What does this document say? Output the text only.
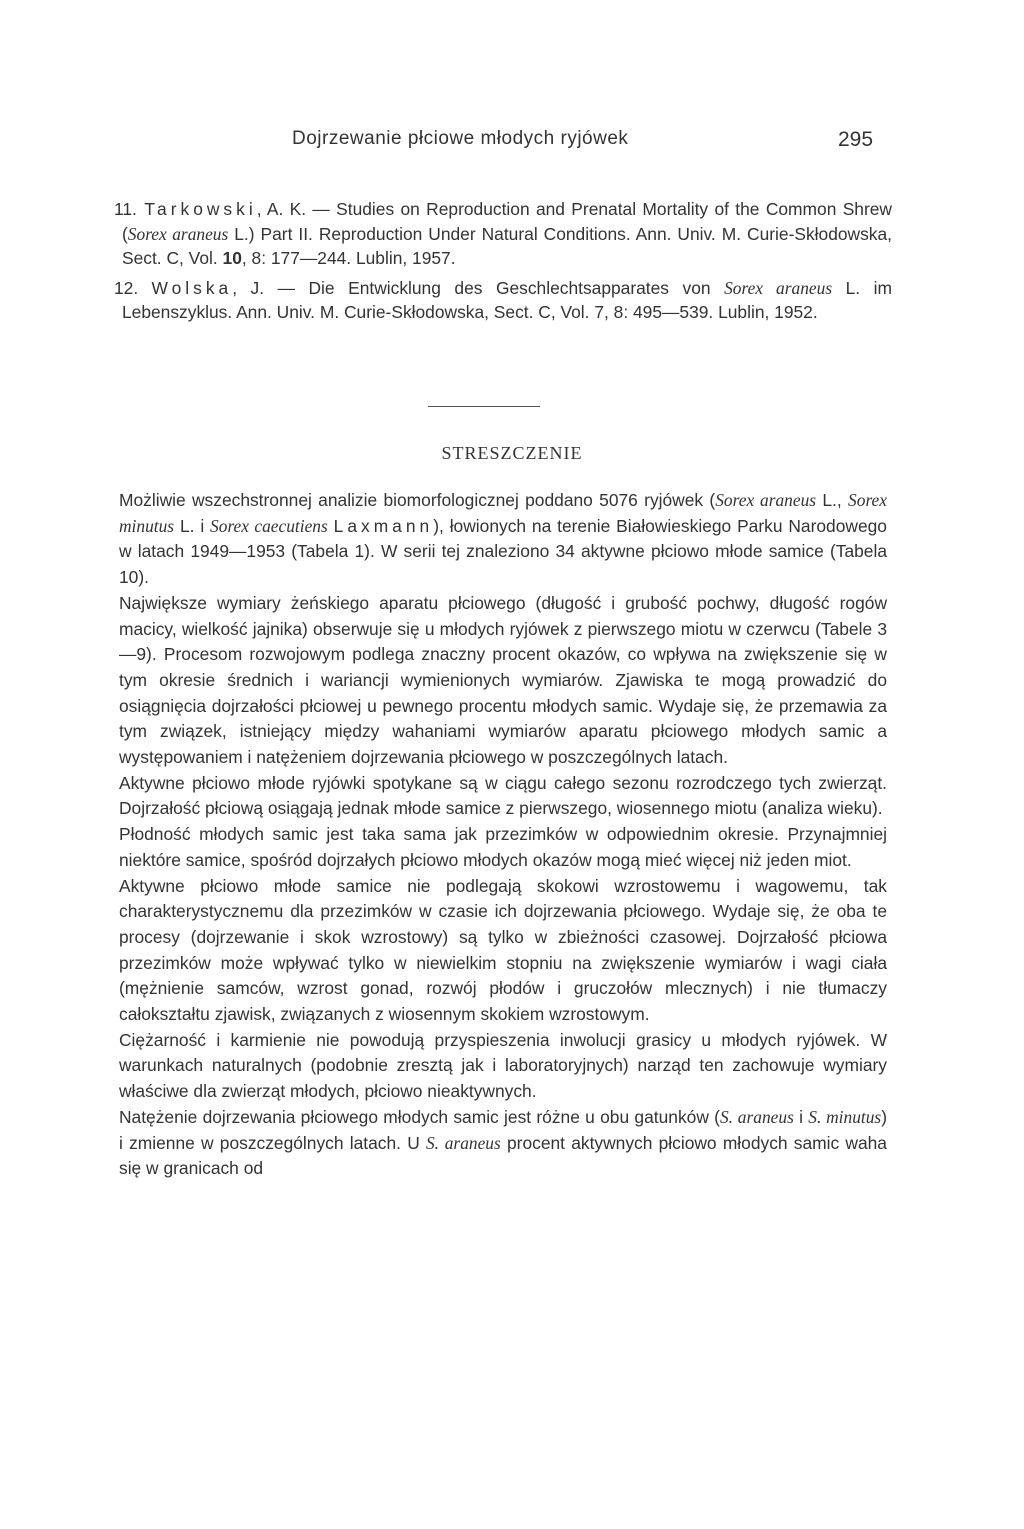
Dojrzewanie płciowe młodych ryjówek	295

11. Tarkowski, A. K. — Studies on Reproduction and Prenatal Mortality of the Common Shrew (Sorex araneus L.) Part II. Reproduction Under Natural Conditions. Ann. Univ. M. Curie-Skłodowska, Sect. C, Vol. 10, 8: 177—244. Lublin, 1957.

12. Wolska, J. — Die Entwicklung des Geschlechtsapparates von Sorex araneus L. im Lebenszyklus. Ann. Univ. M. Curie-Skłodowska, Sect. C, Vol. 7, 8: 495—539. Lublin, 1952.

STRESZCZENIE

Możliwie wszechstronnej analizie biomorfologicznej poddano 5076 ryjówek (Sorex araneus L., Sorex minutus L. i Sorex caecutiens Laxmann), łowionych na terenie Białowieskiego Parku Narodowego w latach 1949—1953 (Tabela 1). W serii tej znaleziono 34 aktywne płciowo młode samice (Tabela 10).

Największe wymiary żeńskiego aparatu płciowego (długość i grubość pochwy, długość rogów macicy, wielkość jajnika) obserwuje się u młodych ryjówek z pierwszego miotu w czerwcu (Tabele 3—9). Procesom rozwojowym podlega znaczny procent okazów, co wpływa na zwiększenie się w tym okresie średnich i wariancji wymienionych wymiarów. Zjawiska te mogą prowadzić do osiągnięcia dojrzałości płciowej u pewnego procentu młodych samic. Wydaje się, że przemawia za tym związek, istniejący między wahaniami wymiarów aparatu płciowego młodych samic a występowaniem i natężeniem dojrzewania płciowego w poszczególnych latach.

Aktywne płciowo młode ryjówki spotykane są w ciągu całego sezonu rozrodczego tych zwierząt. Dojrzałość płciową osiągają jednak młode samice z pierwszego, wiosennego miotu (analiza wieku).

Płodność młodych samic jest taka sama jak przezimków w odpowiednim okresie. Przynajmniej niektóre samice, spośród dojrzałych płciowo młodych okazów mogą mieć więcej niż jeden miot.

Aktywne płciowo młode samice nie podlegają skokowi wzrostowemu i wagowemu, tak charakterystycznemu dla przezimków w czasie ich dojrzewania płciowego. Wydaje się, że oba te procesy (dojrzewanie i skok wzrostowy) są tylko w zbieżności czasowej. Dojrzałość płciowa przezimków może wpływać tylko w niewielkim stopniu na zwiększenie wymiarów i wagi ciała (mężnienie samców, wzrost gonad, rozwój płodów i gruczołów mlecznych) i nie tłumaczy całokształtu zjawisk, związanych z wiosennym skokiem wzrostowym.

Ciężarność i karmienie nie powodują przyspieszenia inwolucji grasicy u młodych ryjówek. W warunkach naturalnych (podobnie zresztą jak i laboratoryjnych) narząd ten zachowuje wymiary właściwe dla zwierząt młodych, płciowo nieaktywnych.

Natężenie dojrzewania płciowego młodych samic jest różne u obu gatunków (S. araneus i S. minutus) i zmienne w poszczególnych latach. U S. araneus procent aktywnych płciowo młodych samic waha się w granicach od
